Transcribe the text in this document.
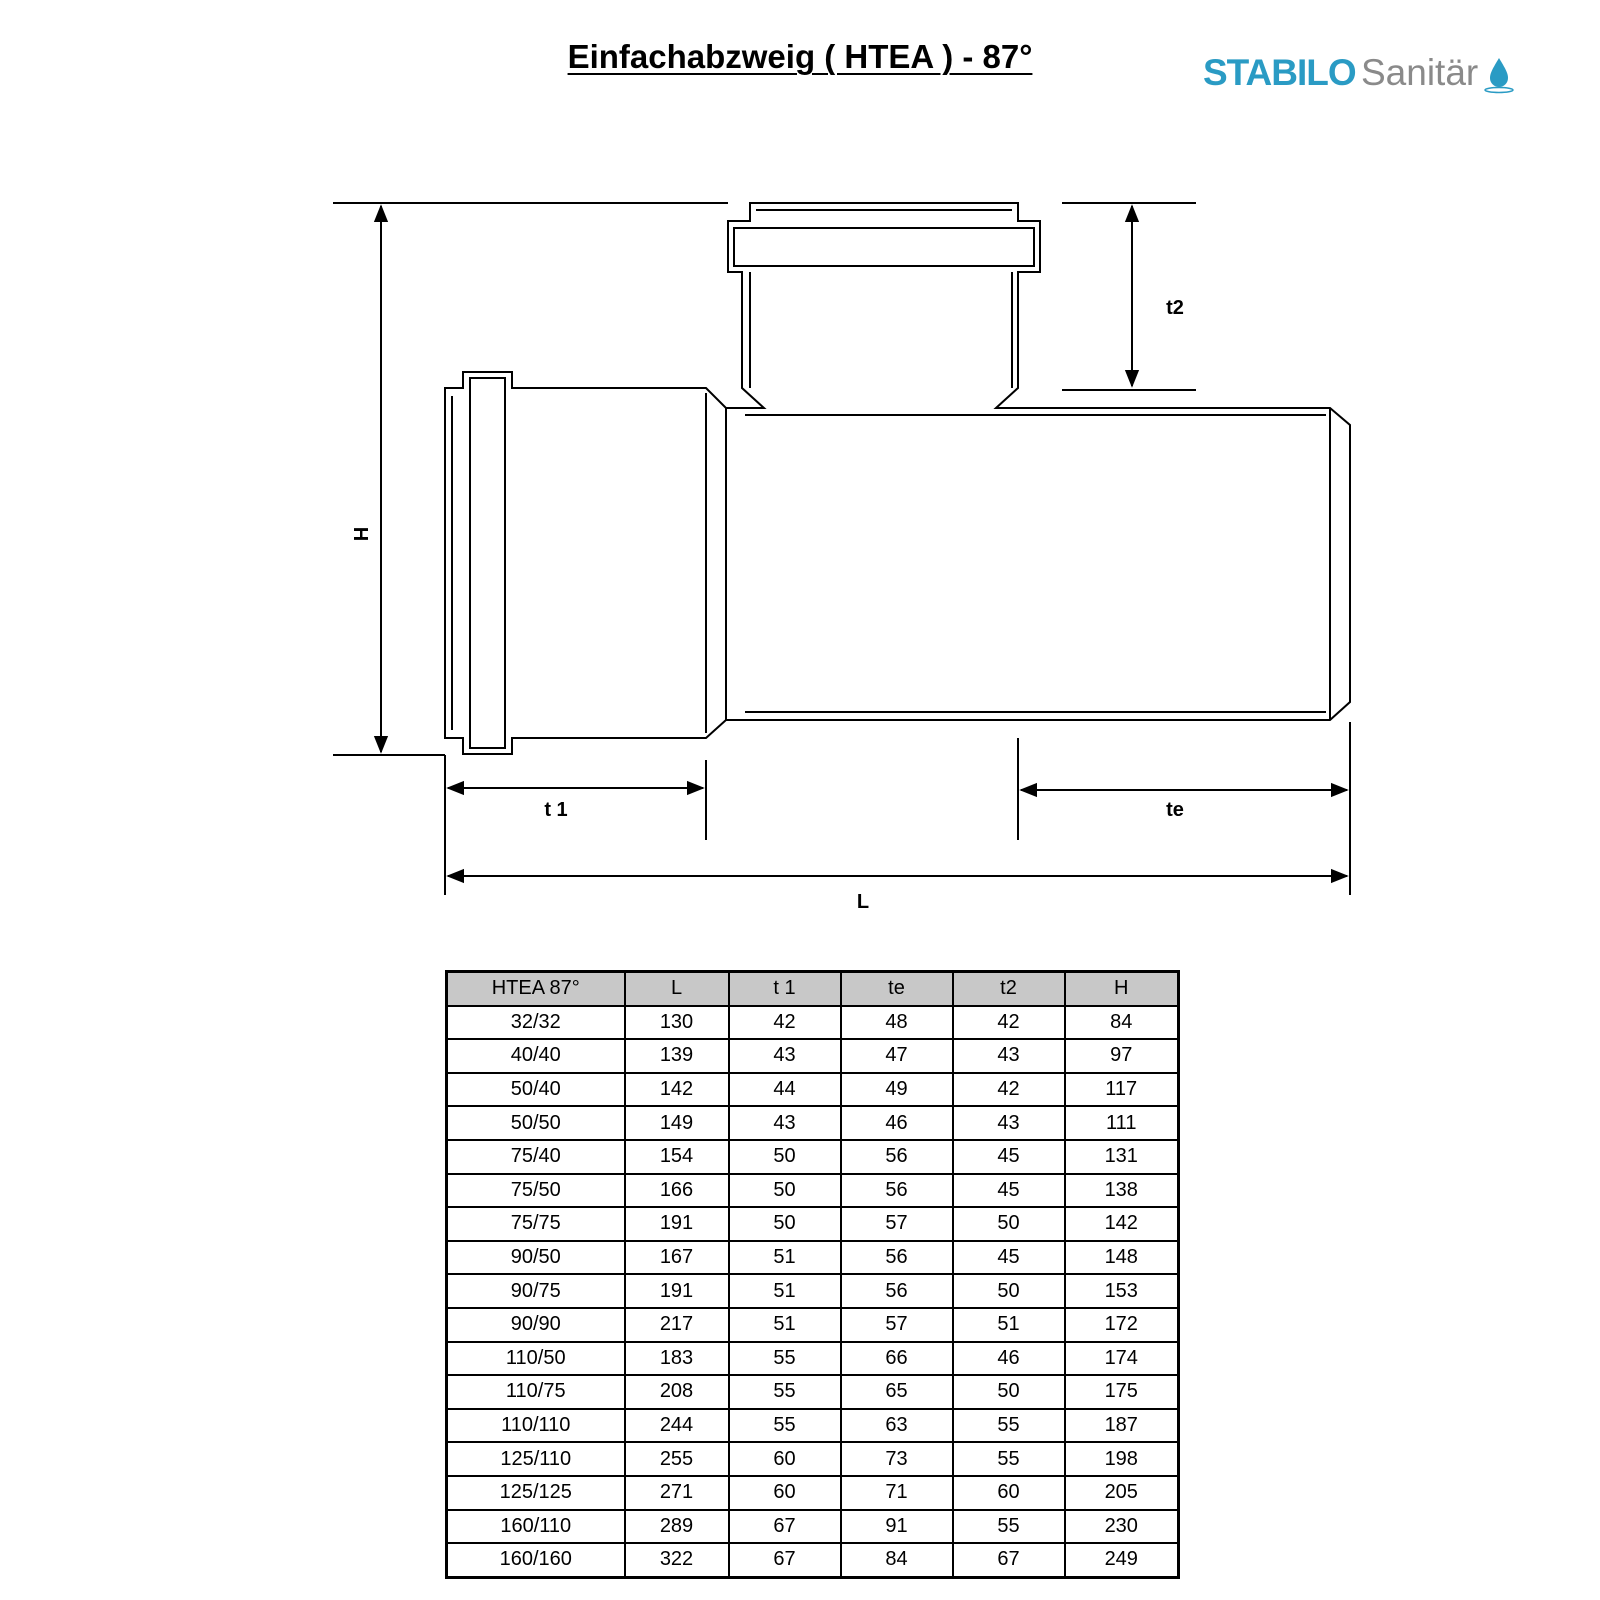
Einfachabzweig ( HTEA ) - 87°	STABILO Sanitär
H
t2
t 1	te
L
HTEA 87°	L	t 1	te	t2	H
32/32	130	42	48	42	84
40/40	139	43	47	43	97
50/40	142	44	49	42	117
50/50	149	43	46	43	111
75/40	154	50	56	45	131
75/50	166	50	56	45	138
75/75	191	50	57	50	142
90/50	167	51	56	45	148
90/75	191	51	56	50	153
90/90	217	51	57	51	172
110/50	183	55	66	46	174
110/75	208	55	65	50	175
110/110	244	55	63	55	187
125/110	255	60	73	55	198
125/125	271	60	71	60	205
160/110	289	67	91	55	230
160/160	322	67	84	67	249
